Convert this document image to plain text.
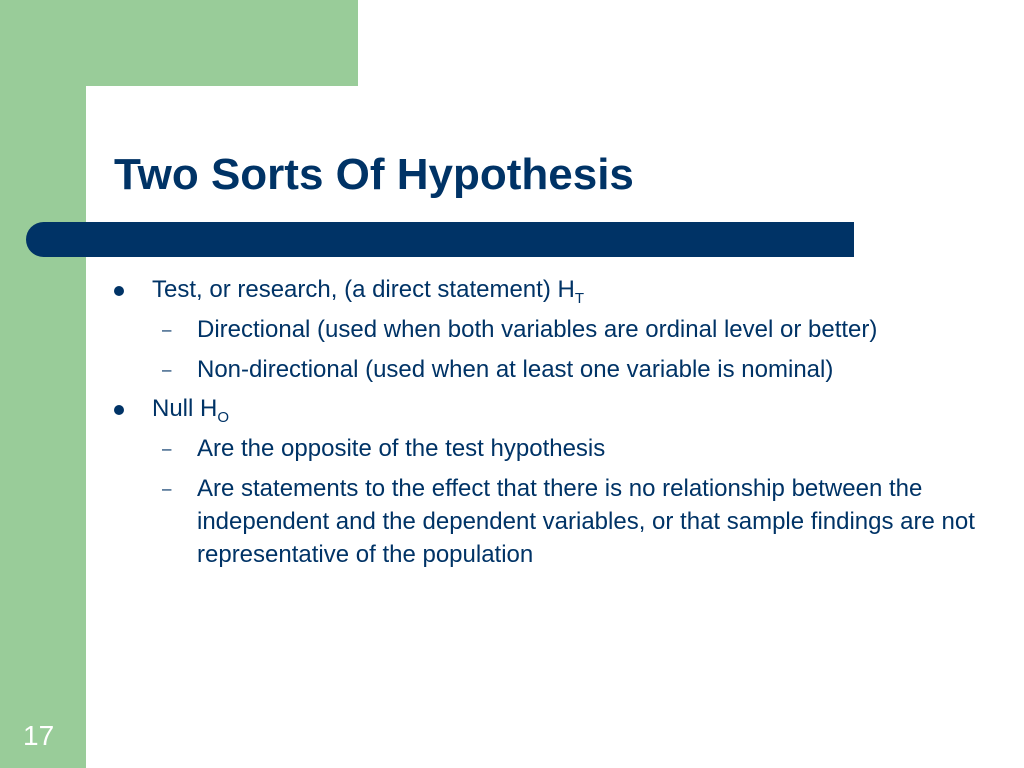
Two Sorts Of Hypothesis
Test, or research, (a direct statement) $H_T$
– Directional (used when both variables are ordinal level or better)
– Non-directional (used when at least one variable is nominal)
Null $H_O$
– Are the opposite of the test hypothesis
– Are statements to the effect that there is no relationship between the independent and the dependent variables, or that sample findings are not representative of the population
17
